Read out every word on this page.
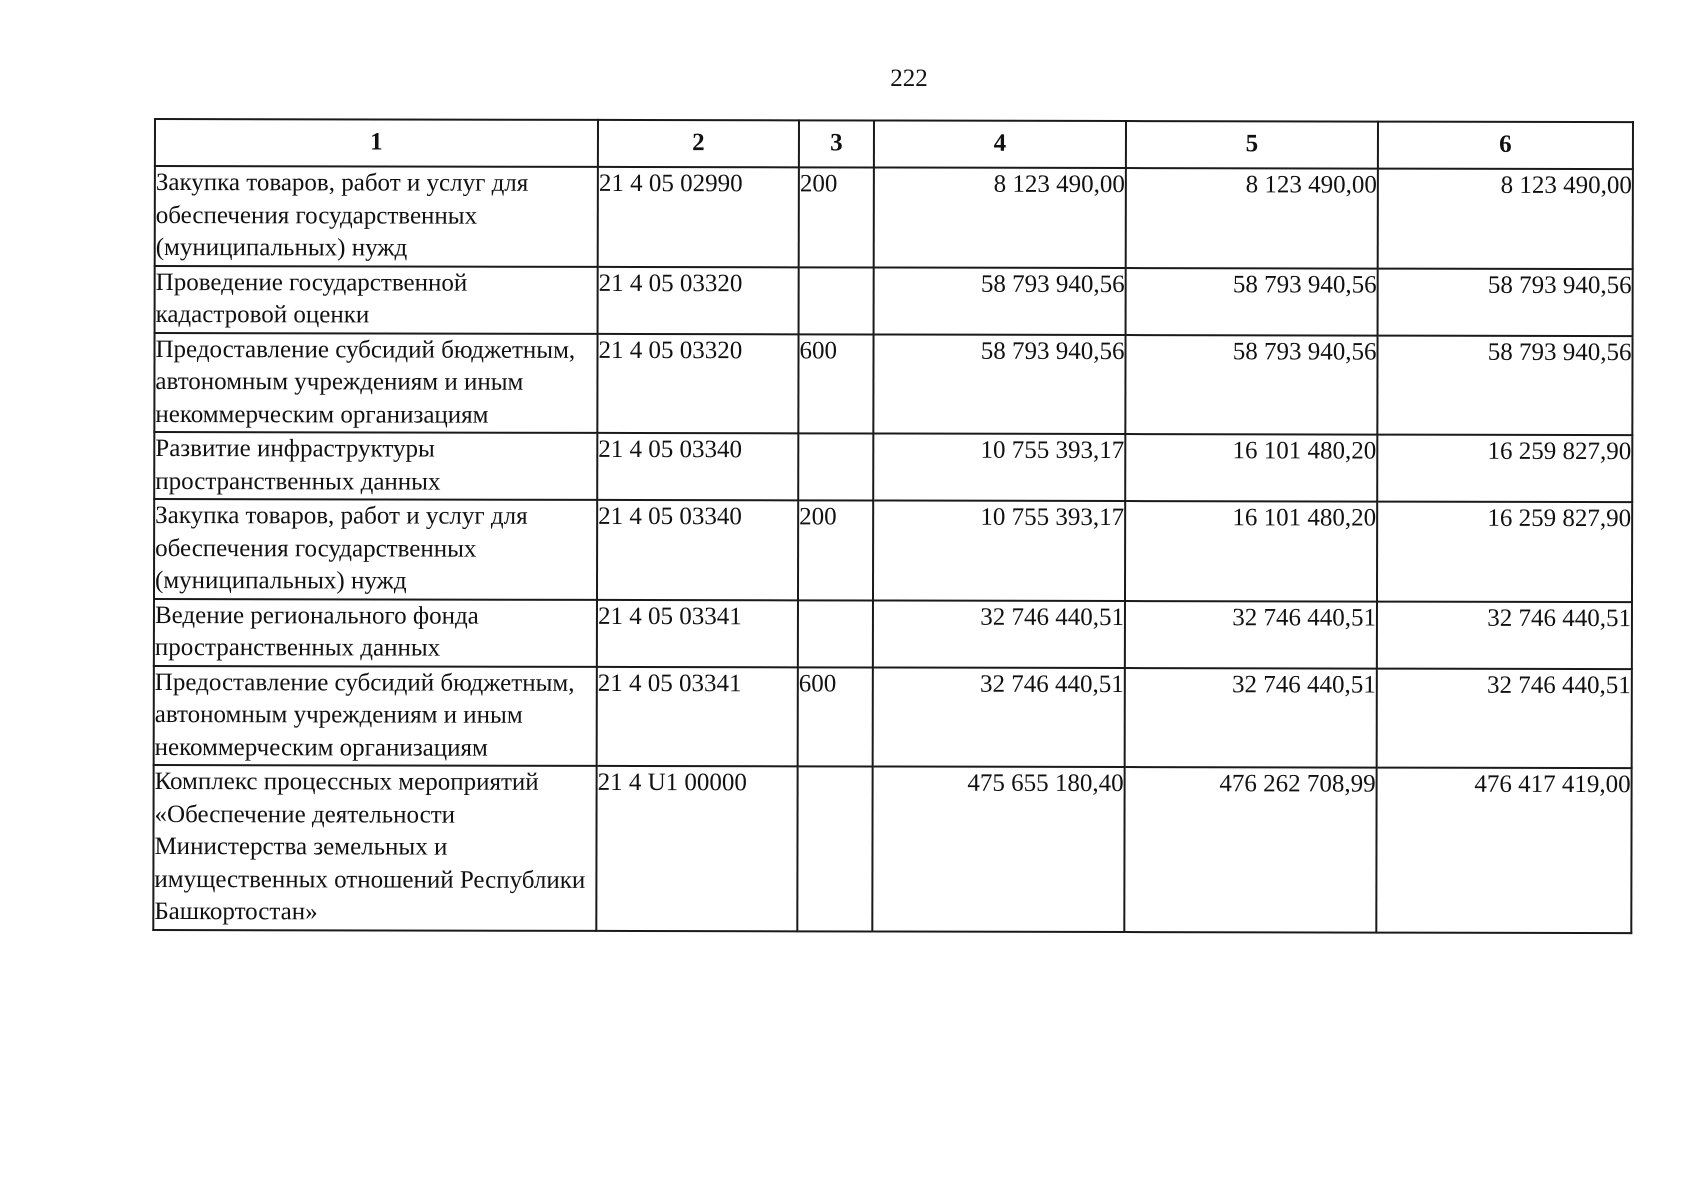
222
1	2	3	4	5	6
Закупка товаров, работ и услуг для обеспечения государственных (муниципальных) нужд	21 4 05 02990	200	8 123 490,00	8 123 490,00	8 123 490,00
Проведение государственной кадастровой оценки	21 4 05 03320		58 793 940,56	58 793 940,56	58 793 940,56
Предоставление субсидий бюджетным, автономным учреждениям и иным некоммерческим организациям	21 4 05 03320	600	58 793 940,56	58 793 940,56	58 793 940,56
Развитие инфраструктуры пространственных данных	21 4 05 03340		10 755 393,17	16 101 480,20	16 259 827,90
Закупка товаров, работ и услуг для обеспечения государственных (муниципальных) нужд	21 4 05 03340	200	10 755 393,17	16 101 480,20	16 259 827,90
Ведение регионального фонда пространственных данных	21 4 05 03341		32 746 440,51	32 746 440,51	32 746 440,51
Предоставление субсидий бюджетным, автономным учреждениям и иным некоммерческим организациям	21 4 05 03341	600	32 746 440,51	32 746 440,51	32 746 440,51
Комплекс процессных мероприятий «Обеспечение деятельности Министерства земельных и имущественных отношений Республики Башкортостан»	21 4 U1 00000		475 655 180,40	476 262 708,99	476 417 419,00
